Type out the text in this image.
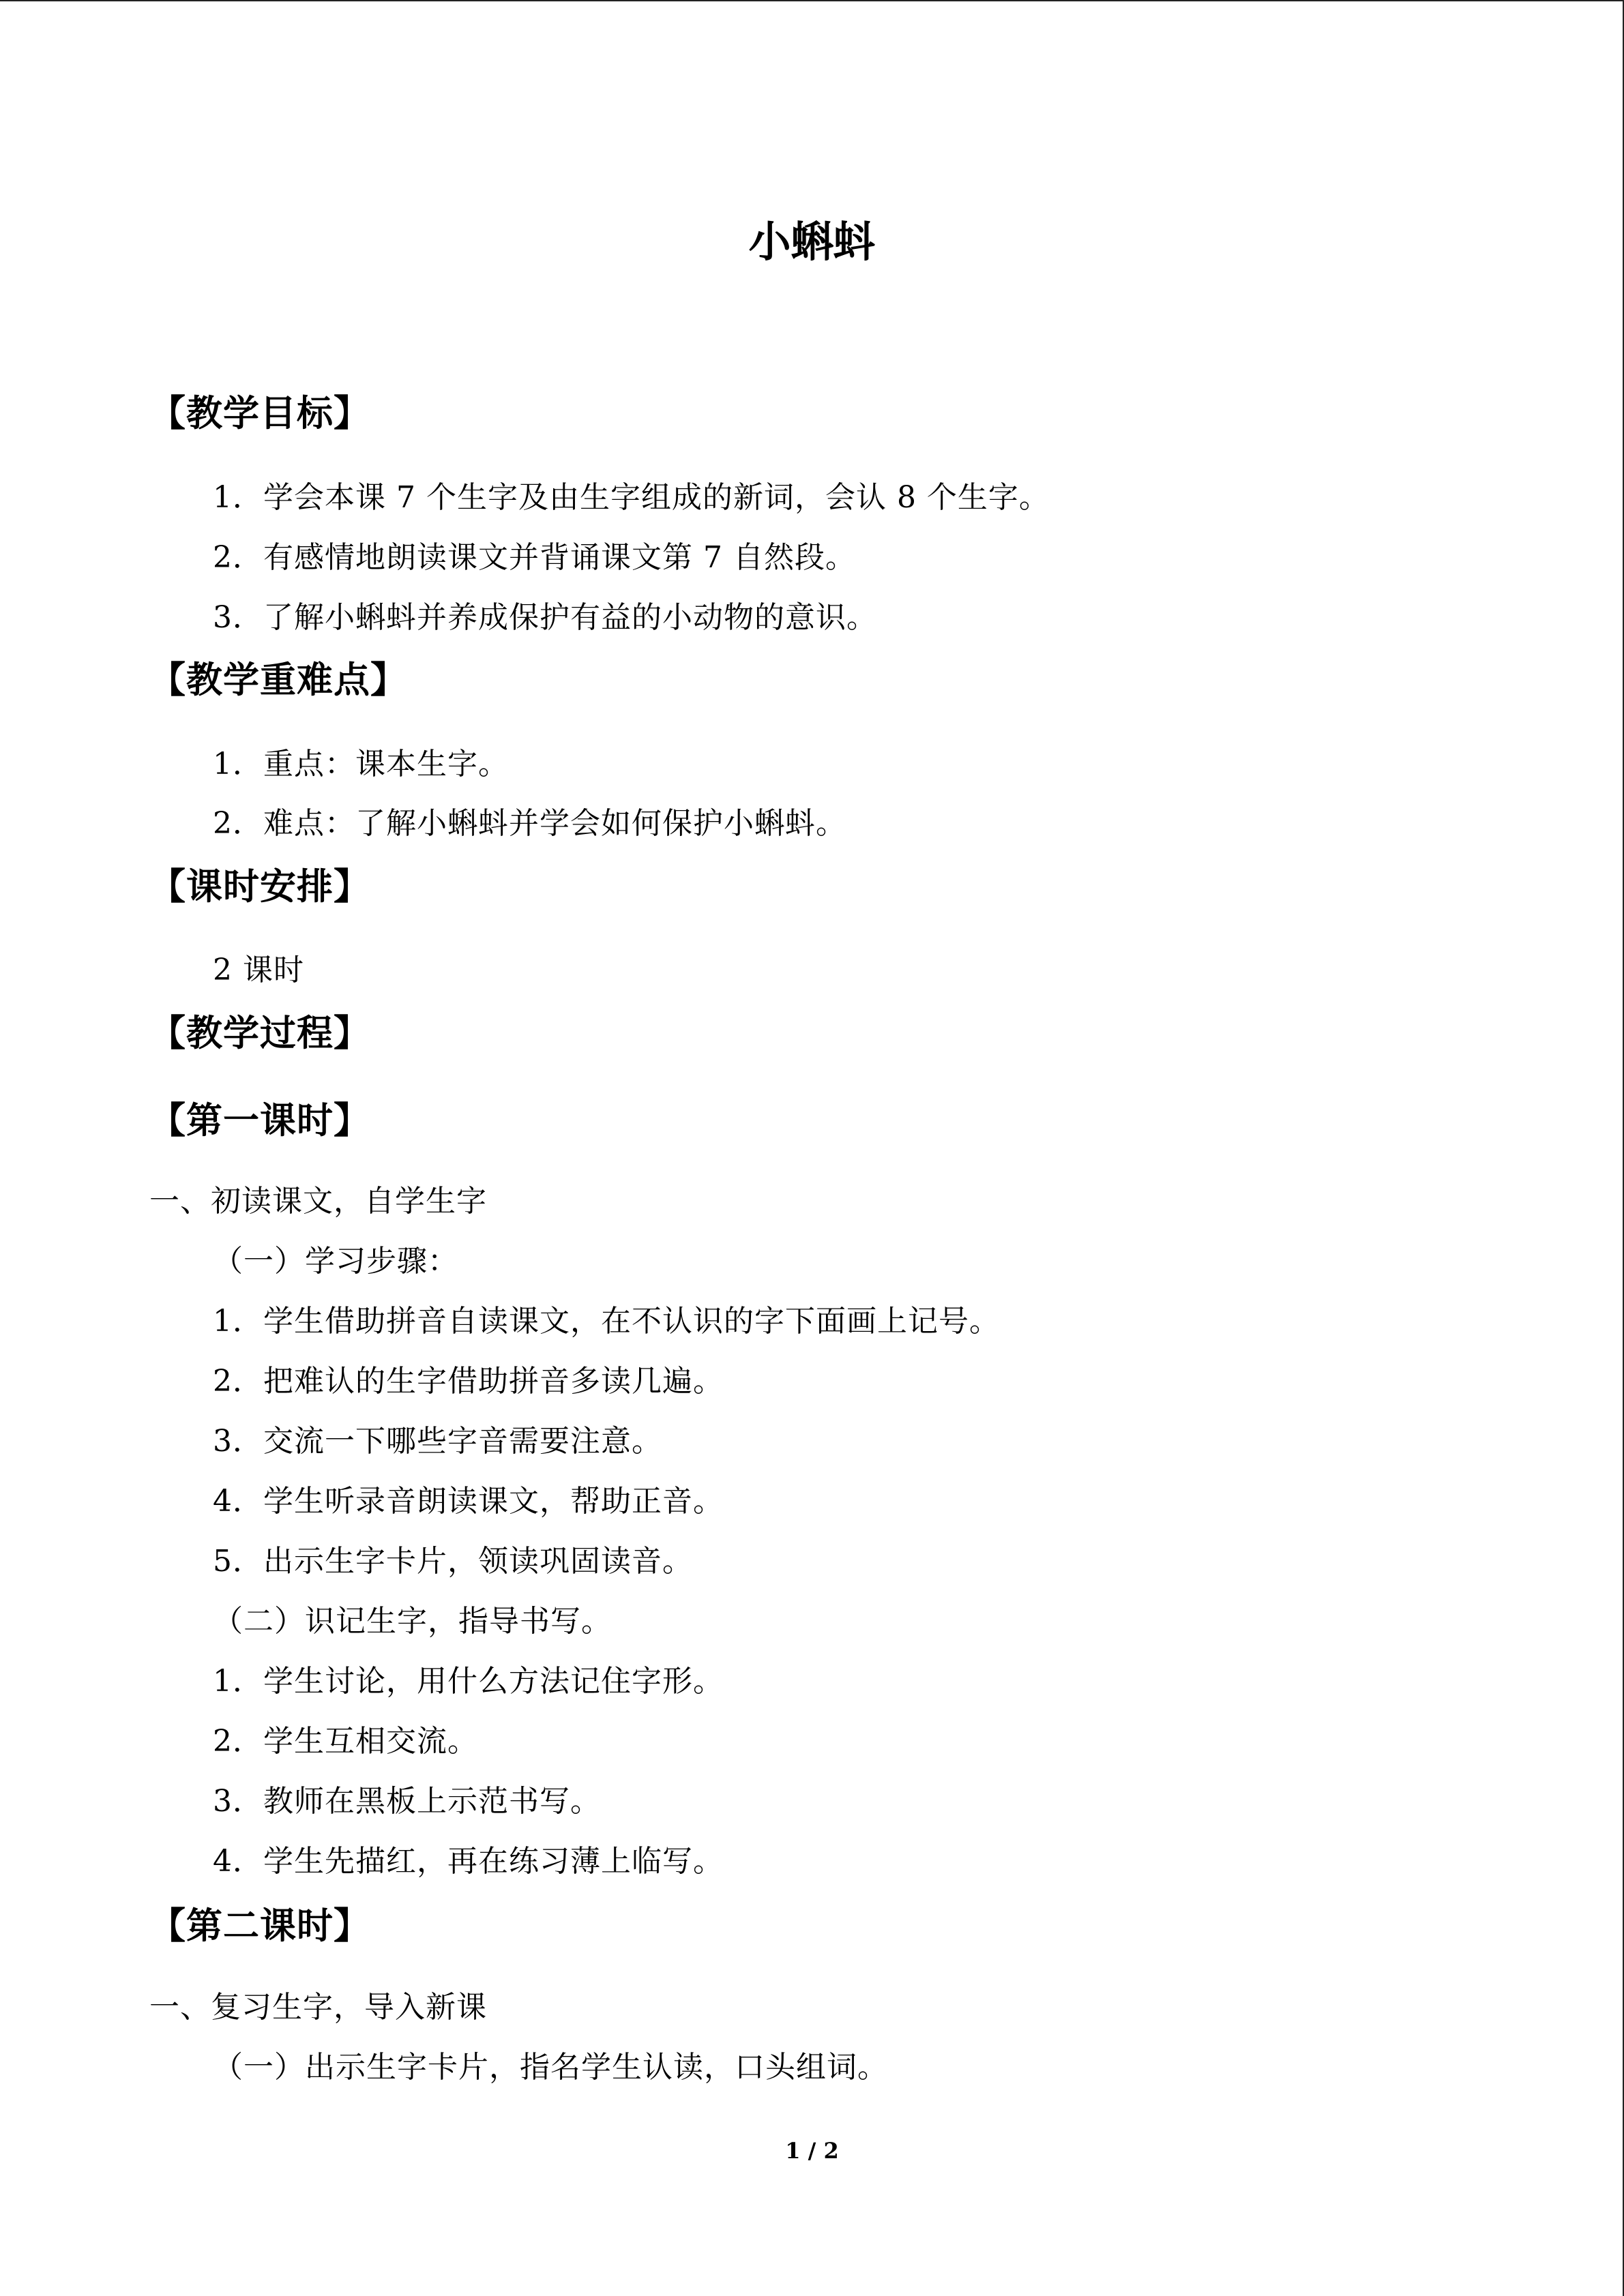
小蝌蚪
【教学目标】
1．学会本课 7 个生字及由生字组成的新词，会认 8 个生字。
2．有感情地朗读课文并背诵课文第 7 自然段。
3．了解小蝌蚪并养成保护有益的小动物的意识。
【教学重难点】
1．重点：课本生字。
2．难点：了解小蝌蚪并学会如何保护小蝌蚪。
【课时安排】
2 课时
【教学过程】
【第一课时】
一、初读课文，自学生字
（一）学习步骤：
1．学生借助拼音自读课文，在不认识的字下面画上记号。
2．把难认的生字借助拼音多读几遍。
3．交流一下哪些字音需要注意。
4．学生听录音朗读课文，帮助正音。
5．出示生字卡片，领读巩固读音。
（二）识记生字，指导书写。
1．学生讨论，用什么方法记住字形。
2．学生互相交流。
3．教师在黑板上示范书写。
4．学生先描红，再在练习薄上临写。
【第二课时】
一、复习生字，导入新课
（一）出示生字卡片，指名学生认读，口头组词。
1 / 2
